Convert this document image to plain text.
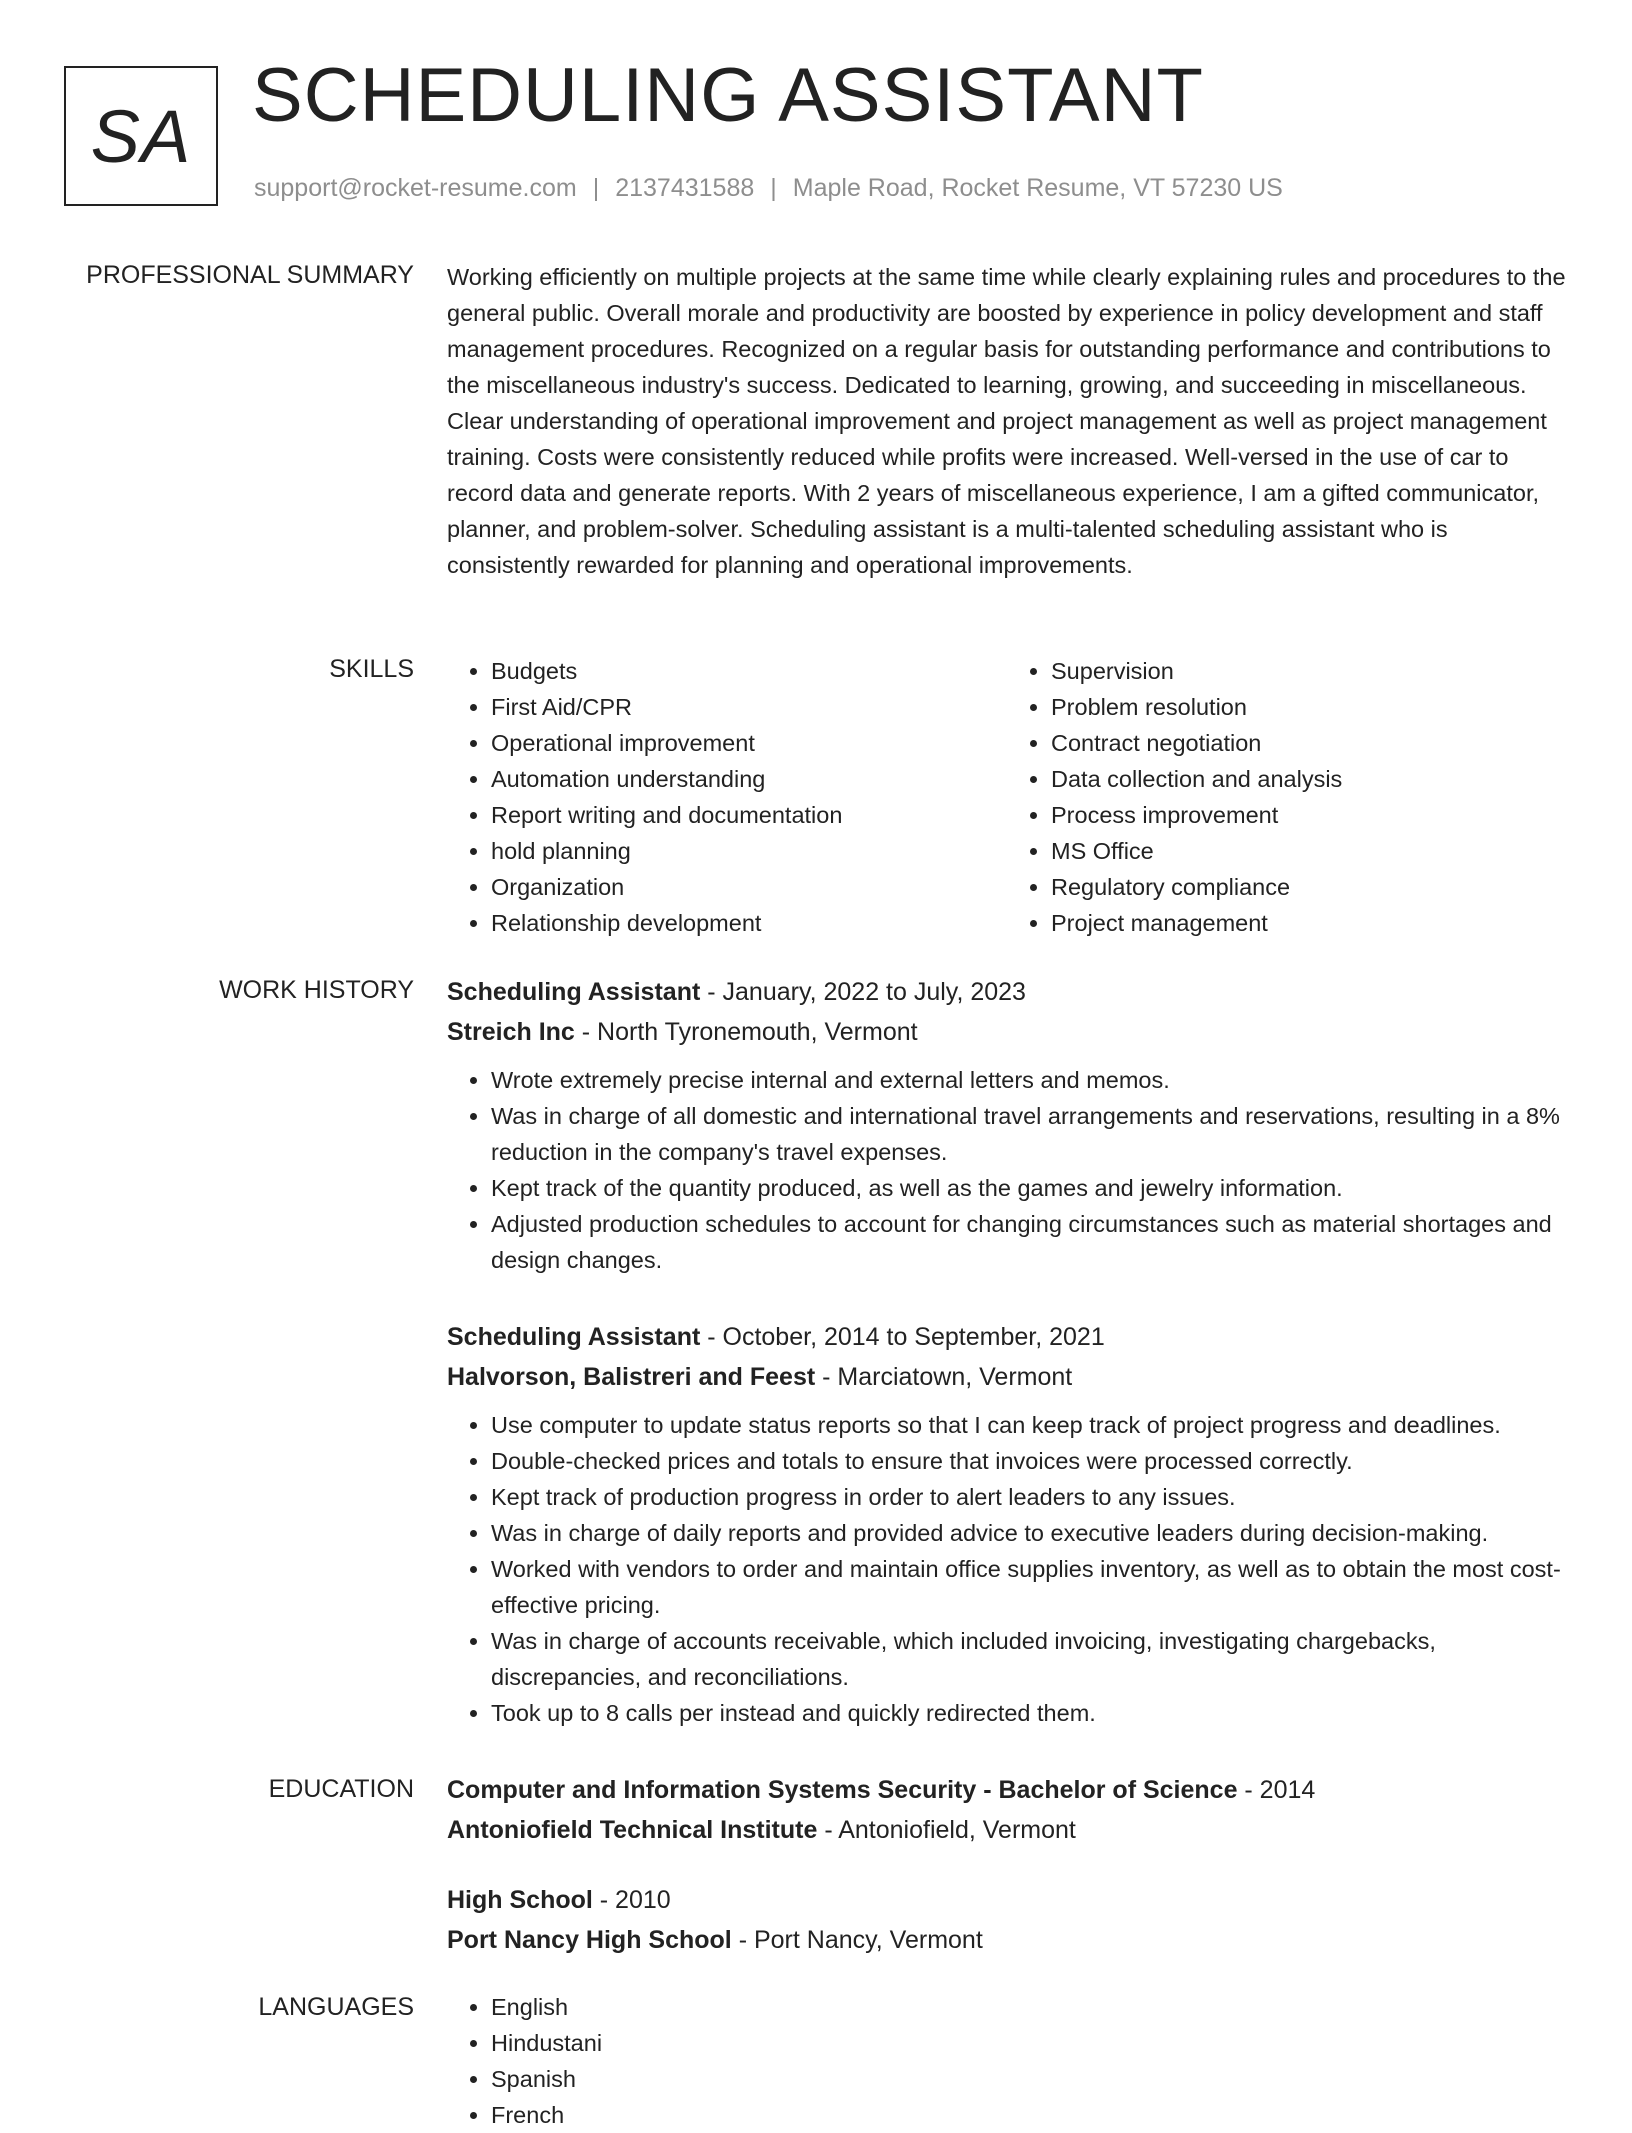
SA SCHEDULING ASSISTANT
support@rocket-resume.com | 2137431588 | Maple Road, Rocket Resume, VT 57230 US
PROFESSIONAL SUMMARY Working efficiently on multiple projects at the same time while clearly explaining rules and procedures to the general public. Overall morale and productivity are boosted by experience in policy development and staff management procedures. Recognized on a regular basis for outstanding performance and contributions to the miscellaneous industry's success. Dedicated to learning, growing, and succeeding in miscellaneous. Clear understanding of operational improvement and project management as well as project management training. Costs were consistently reduced while profits were increased. Well-versed in the use of car to record data and generate reports. With 2 years of miscellaneous experience, I am a gifted communicator, planner, and problem-solver. Scheduling assistant is a multi-talented scheduling assistant who is consistently rewarded for planning and operational improvements.

SKILLS	• Budgets
• First Aid/CPR
• Operational improvement
• Automation understanding
• Report writing and documentation
• hold planning
• Organization
• Relationship development
• Supervision
• Problem resolution
• Contract negotiation
• Data collection and analysis
• Process improvement
• MS Office
• Regulatory compliance
• Project management
WORK HISTORY Scheduling Assistant - January, 2022 to July, 2023
Streich Inc - North Tyronemouth, Vermont
• Wrote extremely precise internal and external letters and memos.
• Was in charge of all domestic and international travel arrangements and reservations, resulting in a 8% reduction in the company's travel expenses.
• Kept track of the quantity produced, as well as the games and jewelry information.
• Adjusted production schedules to account for changing circumstances such as material shortages and design changes.
Scheduling Assistant - October, 2014 to September, 2021
Halvorson, Balistreri and Feest - Marciatown, Vermont
• Use computer to update status reports so that I can keep track of project progress and deadlines.
• Double-checked prices and totals to ensure that invoices were processed correctly.
• Kept track of production progress in order to alert leaders to any issues.
• Was in charge of daily reports and provided advice to executive leaders during decision-making.
• Worked with vendors to order and maintain office supplies inventory, as well as to obtain the most cost-effective pricing.
• Was in charge of accounts receivable, which included invoicing, investigating chargebacks, discrepancies, and reconciliations.
• Took up to 8 calls per instead and quickly redirected them.
EDUCATION Computer and Information Systems Security - Bachelor of Science - 2014
Antoniofield Technical Institute - Antoniofield, Vermont
High School - 2010
Port Nancy High School - Port Nancy, Vermont
LANGUAGES	• English
• Hindustani
• Spanish
• French
